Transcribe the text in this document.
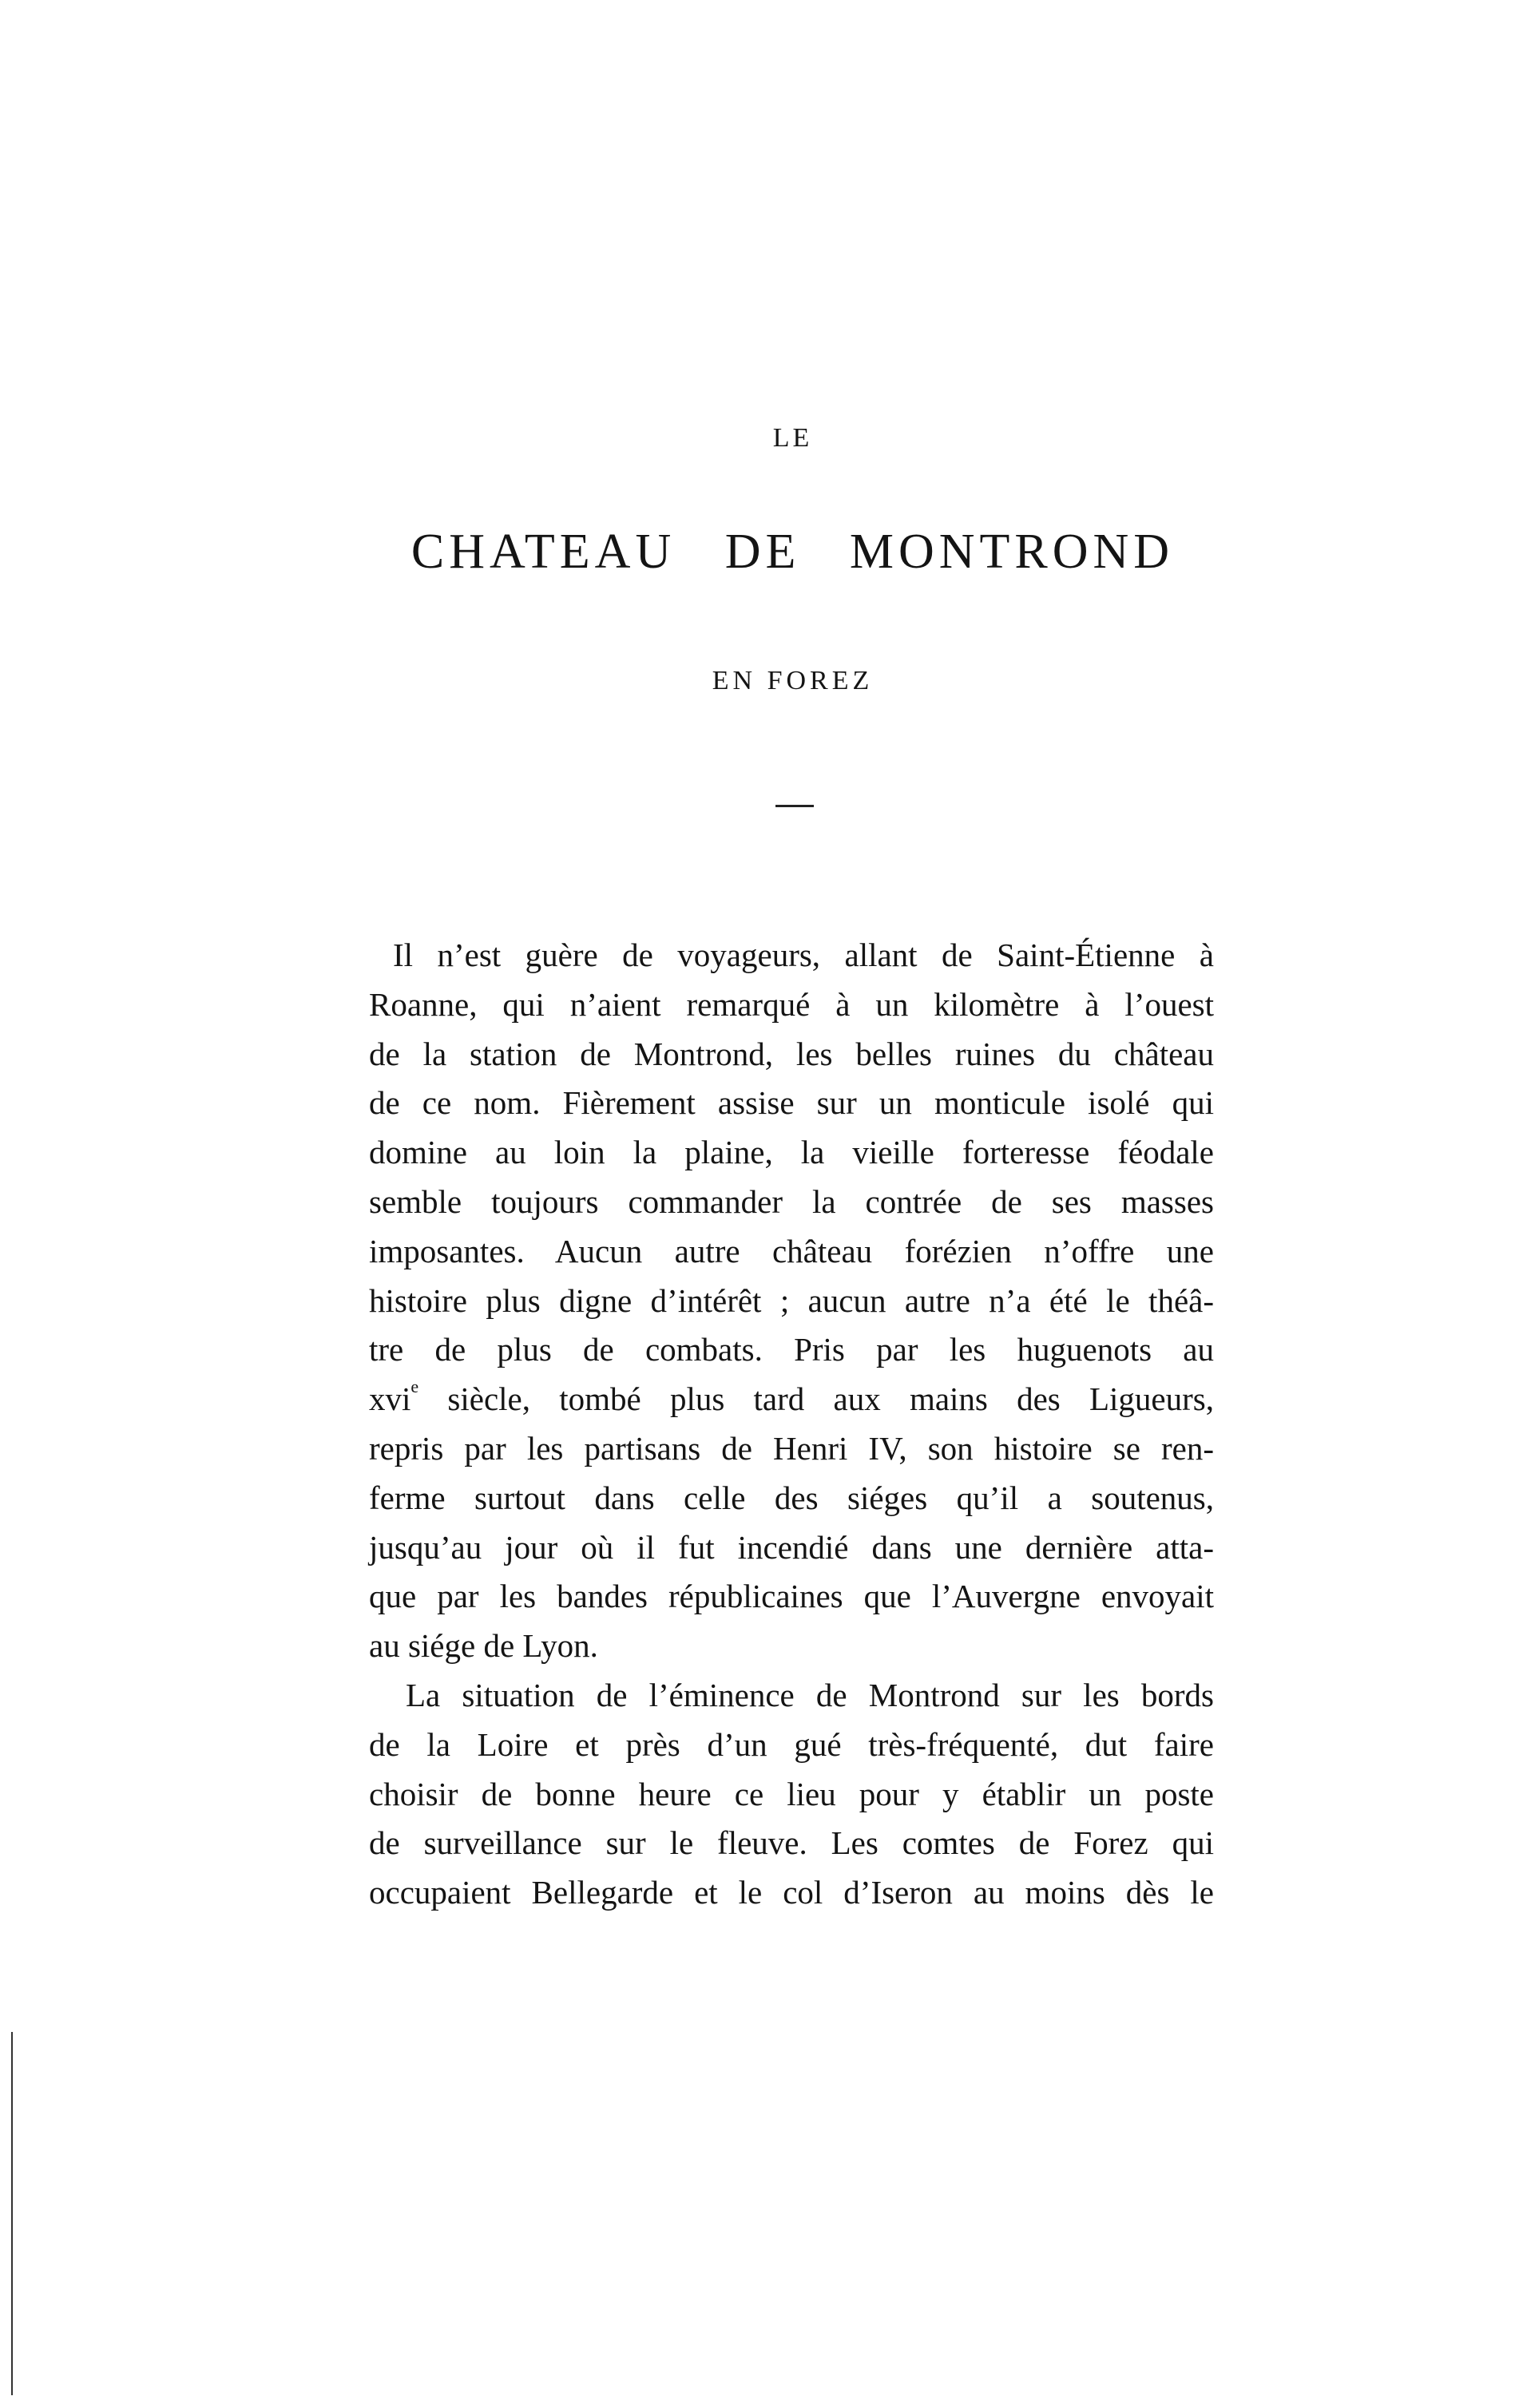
LE
CHATEAU DE MONTROND
EN FOREZ
Il n’est guère de voyageurs, allant de Saint-Étienne à
Roanne, qui n’aient remarqué à un kilomètre à l’ouest
de la station de Montrond, les belles ruines du château
de ce nom. Fièrement assise sur un monticule isolé qui
domine au loin la plaine, la vieille forteresse féodale
semble toujours commander la contrée de ses masses
imposantes. Aucun autre château forézien n’offre une
histoire plus digne d’intérêt ; aucun autre n’a été le théâ-
tre de plus de combats. Pris par les huguenots au
xvi$^e$ siècle, tombé plus tard aux mains des Ligueurs,
repris par les partisans de Henri IV, son histoire se ren-
ferme surtout dans celle des siéges qu’il a soutenus,
jusqu’au jour où il fut incendié dans une dernière atta-
que par les bandes républicaines que l’Auvergne envoyait
au siége de Lyon.
La situation de l’éminence de Montrond sur les bords
de la Loire et près d’un gué très-fréquenté, dut faire
choisir de bonne heure ce lieu pour y établir un poste
de surveillance sur le fleuve. Les comtes de Forez qui
occupaient Bellegarde et le col d’Iseron au moins dès le
